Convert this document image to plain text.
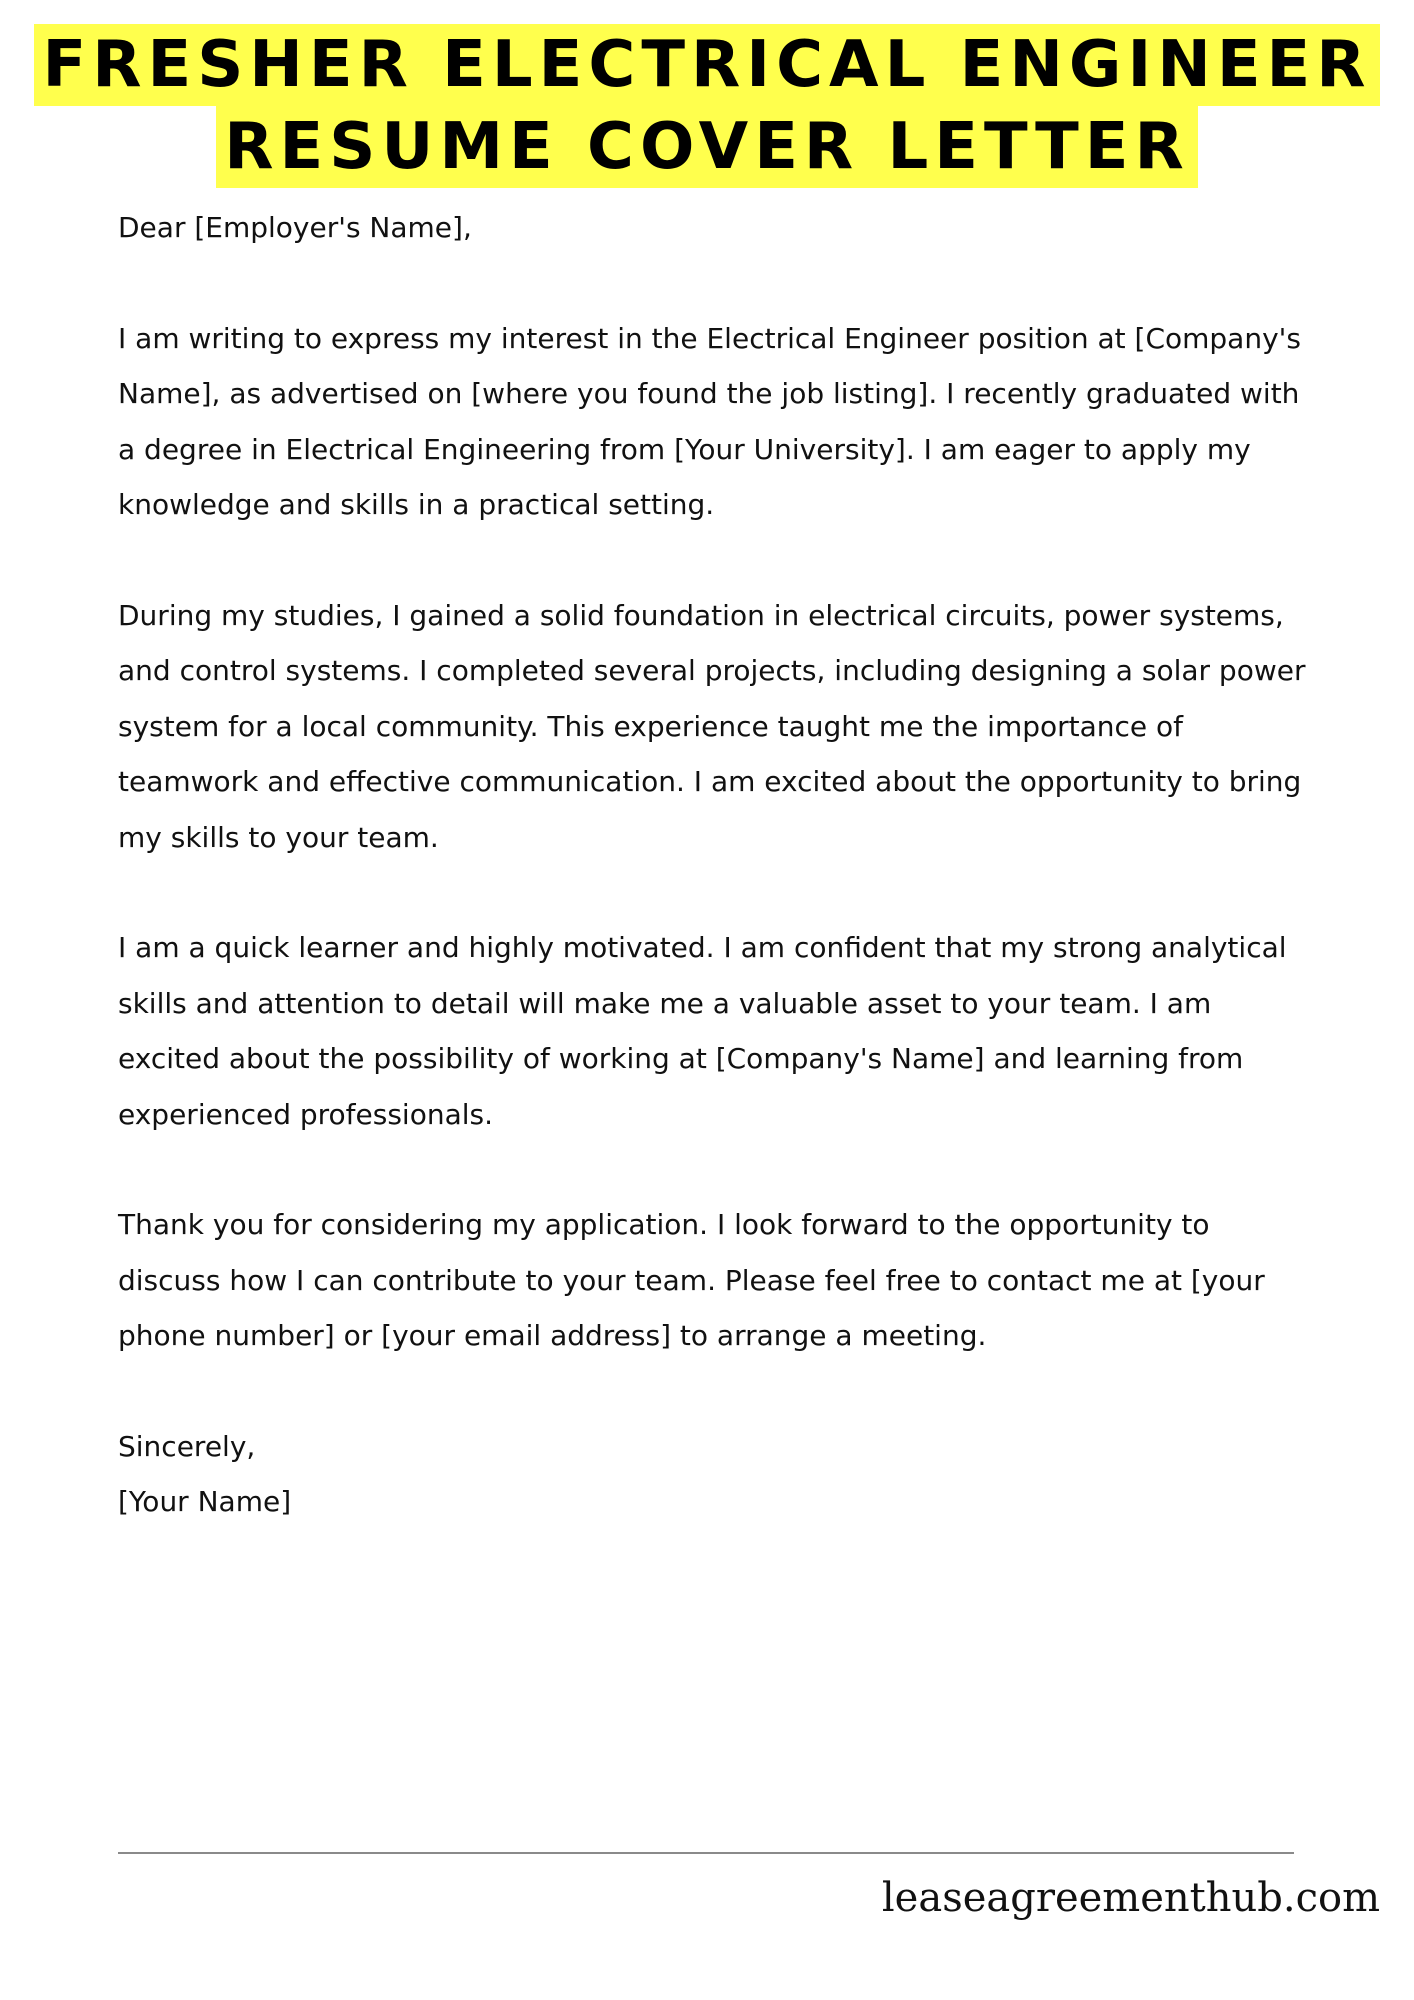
FRESHER ELECTRICAL ENGINEER
RESUME COVER LETTER

Dear [Employer's Name],

I am writing to express my interest in the Electrical Engineer position at [Company's Name], as advertised on [where you found the job listing]. I recently graduated with a degree in Electrical Engineering from [Your University]. I am eager to apply my knowledge and skills in a practical setting.

During my studies, I gained a solid foundation in electrical circuits, power systems, and control systems. I completed several projects, including designing a solar power system for a local community. This experience taught me the importance of teamwork and effective communication. I am excited about the opportunity to bring my skills to your team.

I am a quick learner and highly motivated. I am confident that my strong analytical skills and attention to detail will make me a valuable asset to your team. I am excited about the possibility of working at [Company's Name] and learning from experienced professionals.

Thank you for considering my application. I look forward to the opportunity to discuss how I can contribute to your team. Please feel free to contact me at [your phone number] or [your email address] to arrange a meeting.

Sincerely,

[Your Name]

leaseagreementhub.com
